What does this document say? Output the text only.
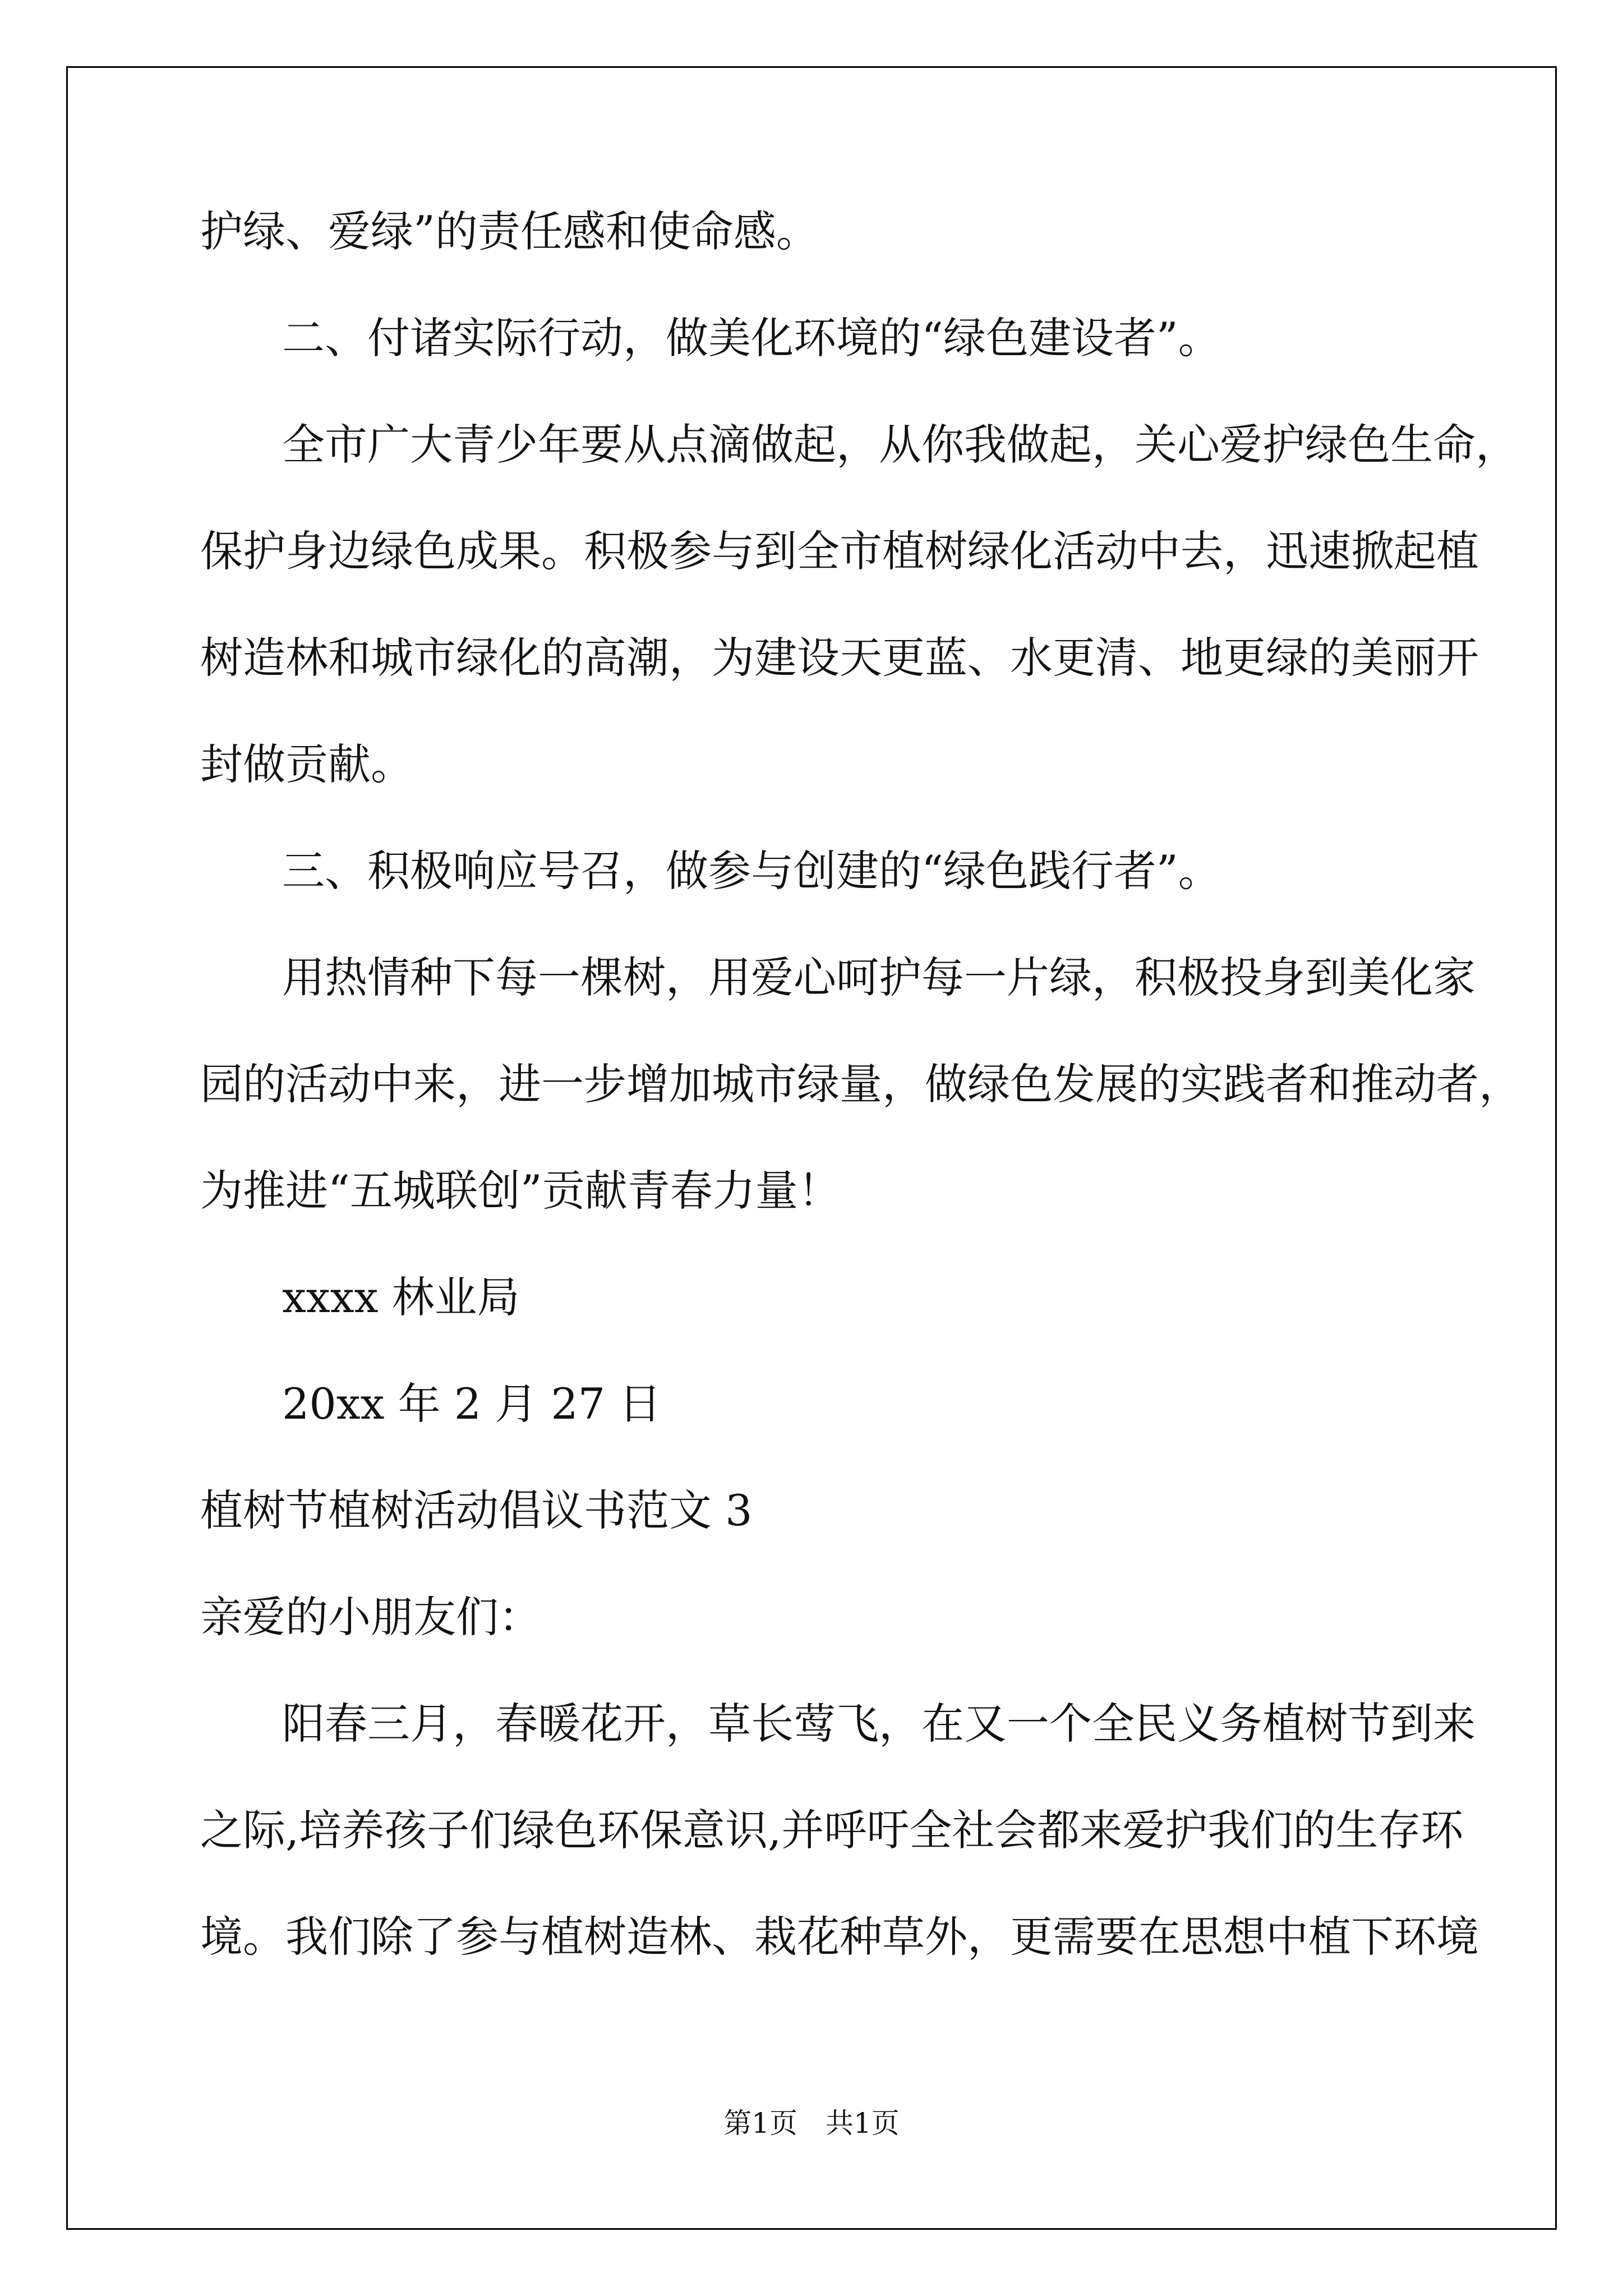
护绿、爱绿”的责任感和使命感。
二、付诸实际行动，做美化环境的“绿色建设者”。
全市广大青少年要从点滴做起，从你我做起，关心爱护绿色生命，
保护身边绿色成果。积极参与到全市植树绿化活动中去，迅速掀起植
树造林和城市绿化的高潮，为建设天更蓝、水更清、地更绿的美丽开
封做贡献。
三、积极响应号召，做参与创建的“绿色践行者”。
用热情种下每一棵树，用爱心呵护每一片绿，积极投身到美化家
园的活动中来，进一步增加城市绿量，做绿色发展的实践者和推动者，
为推进“五城联创”贡献青春力量！
xxxx 林业局
20xx 年 2 月 27 日
植树节植树活动倡议书范文 3
亲爱的小朋友们：
阳春三月，春暖花开，草长莺飞，在又一个全民义务植树节到来
之际,培养孩子们绿色环保意识,并呼吁全社会都来爱护我们的生存环
境。我们除了参与植树造林、栽花种草外，更需要在思想中植下环境
第1页　共1页
